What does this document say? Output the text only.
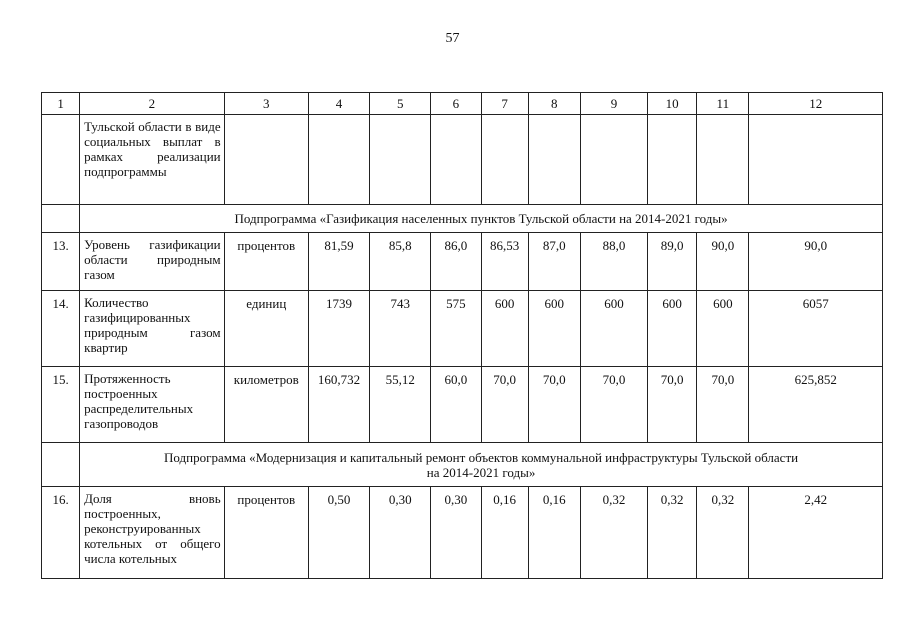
57
1	2	3	4	5	6	7	8	9	10	11	12
	Тульской области в виде социальных выплат в рамках реализации подпрограммы										
	Подпрограмма «Газификация населенных пунктов Тульской области на 2014-2021 годы»										
13.	Уровень газификации области природным газом	процентов	81,59	85,8	86,0	86,53	87,0	88,0	89,0	90,0	90,0
14.	Количество газифицированных природным газом квартир	единиц	1739	743	575	600	600	600	600	600	6057
15.	Протяженность построенных распределительных газопроводов	километров	160,732	55,12	60,0	70,0	70,0	70,0	70,0	70,0	625,852
	Подпрограмма «Модернизация и капитальный ремонт объектов коммунальной инфраструктуры Тульской области
на 2014-2021 годы»										
16.	Доля вновь построенных, реконструированных котельных от общего числа котельных	процентов	0,50	0,30	0,30	0,16	0,16	0,32	0,32	0,32	2,42
